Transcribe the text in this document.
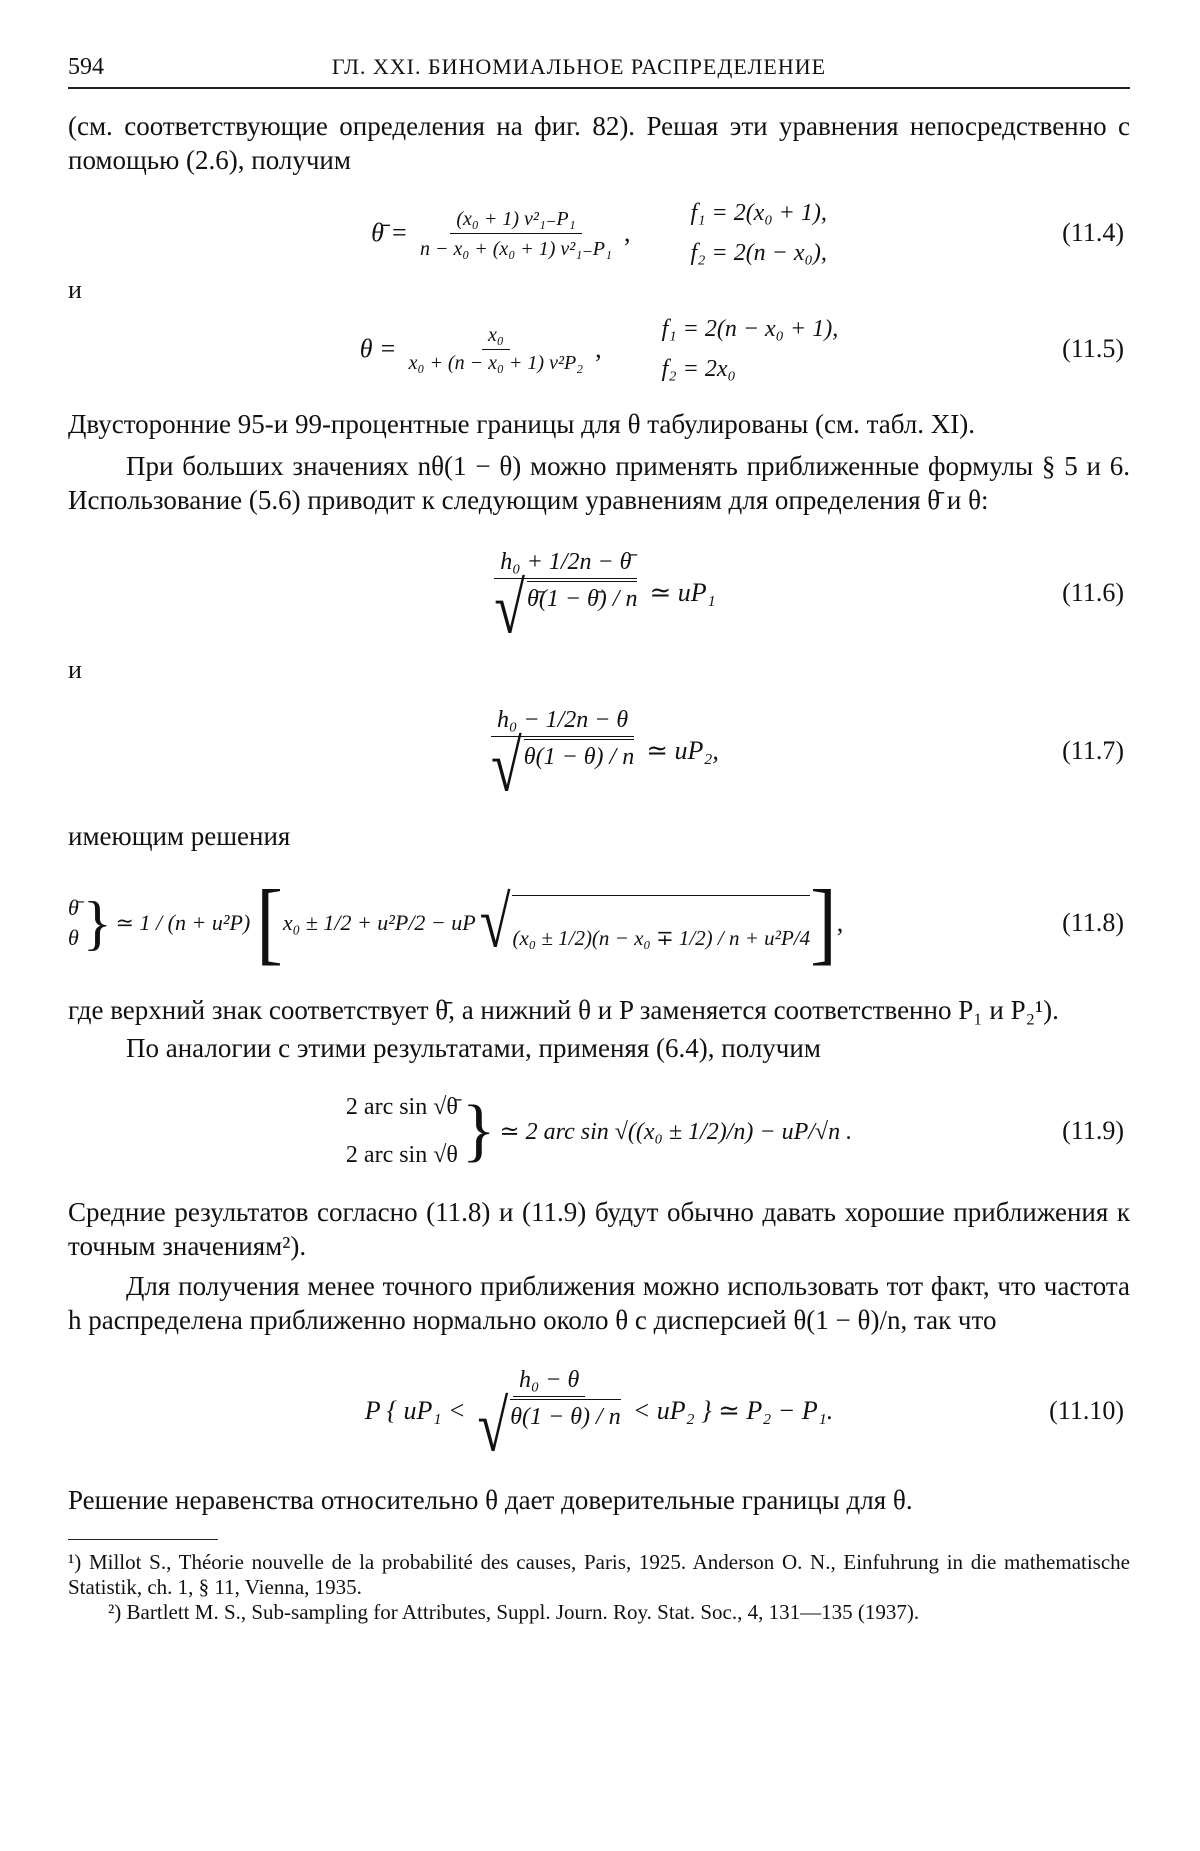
594	ГЛ. XXI. БИНОМИАЛЬНОЕ РАСПРЕДЕЛЕНИЕ

(см. соответствующие определения на фиг. 82). Решая эти уравнения непосредственно с помощью (2.6), получим

θ̄ = $\frac{\text{(x₀ + 1) v²₁₋P₁}}{\text{n − x₀ + (x₀ + 1) v²₁₋P₁}}$ ,
f₁ = 2(x₀ + 1),
f₂ = 2(n − x₀),
(11.4)

и

$\theta = \frac{\text{x₀}}{\text{x₀ + (n − x₀ + 1) v²P₂}}$ ,
f₁ = 2(n − x₀ + 1),
f₂ = 2x₀
(11.5)

Двусторонние 95-и 99-процентные границы для θ табулированы (см. табл. XI).

При больших значениях nθ(1 − θ) можно применять приближенные формулы § 5 и 6. Использование (5.6) приводит к следующим уравнениям для определения θ̄ и θ:

$\frac{\text{h₀ + 1/2n − θ̄}}{√ \thetā(1 - \thetā) / n}$ ≃ uP₁	(11.6)

и

$\frac{\text{h₀ − 1/2n − θ}}{√ \theta(1 - \theta) / n}$ ≃ uP₂,	(11.7)

имеющим решения

θ̄
θ } ≃ 1 / (n + u²P) [ x₀ ± 1/2 + u²P/2 − uP √ (x₀ ± 1/2)(n − x₀ ∓ 1/2) / n + u²P/4 ] ,	(11.8)

где верхний знак соответствует θ̄, а нижний θ и P заменяется соответственно P₁ и P₂¹).

По аналогии с этими результатами, применяя (6.4), получим

2 arc sin √θ̄
2 arc sin √θ } ≃ 2 arc sin √((x₀ ± 1/2)/n) − uP/√n .	(11.9)

Средние результатов согласно (11.8) и (11.9) будут обычно давать хорошие приближения к точным значениям²).

Для получения менее точного приближения можно использовать тот факт, что частота h распределена приближенно нормально около θ с дисперсией θ(1 − θ)/n, так что

P { $uP_1 < \frac{\text{h₀ − θ}}{√ \theta(1 - \theta) / n} < uP_2$ } ≃ P₂ − P₁.	(11.10)

Решение неравенства относительно θ дает доверительные границы для θ.

¹) Millot S., Théorie nouvelle de la probabilité des causes, Paris, 1925. Anderson O. N., Einfuhrung in die mathematische Statistik, ch. 1, § 11, Vienna, 1935.

²) Bartlett M. S., Sub-sampling for Attributes, Suppl. Journ. Roy. Stat. Soc., 4, 131—135 (1937).
